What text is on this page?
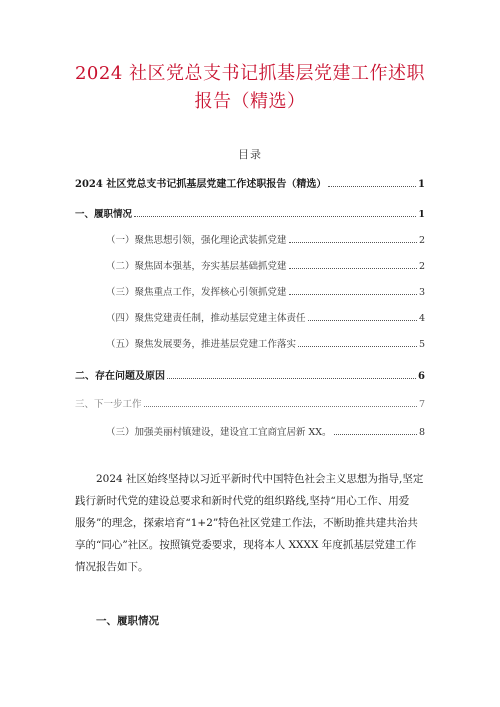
2024 社区党总支书记抓基层党建工作述职
报告（精选）
目录
2024 社区党总支书记抓基层党建工作述职报告（精选）	1
一、履职情况	1
（一）聚焦思想引领，强化理论武装抓党建	2
（二）聚焦固本强基，夯实基层基础抓党建	2
（三）聚焦重点工作，发挥核心引领抓党建	3
（四）聚焦党建责任制，推动基层党建主体责任	4
（五）聚焦发展要务，推进基层党建工作落实	5
二、存在问题及原因	6
三、下一步工作	7
（三）加强美丽村镇建设，建设宜工宜商宜居新 XX。	8
2024 社区始终坚持以习近平新时代中国特色社会主义思想为指导,坚定
践行新时代党的建设总要求和新时代党的组织路线,坚持“用心工作、用爱
服务”的理念，探索培育“1+2”特色社区党建工作法，不断助推共建共治共
享的“同心”社区。按照镇党委要求，现将本人 XXXX 年度抓基层党建工作
情况报告如下。
一、履职情况
